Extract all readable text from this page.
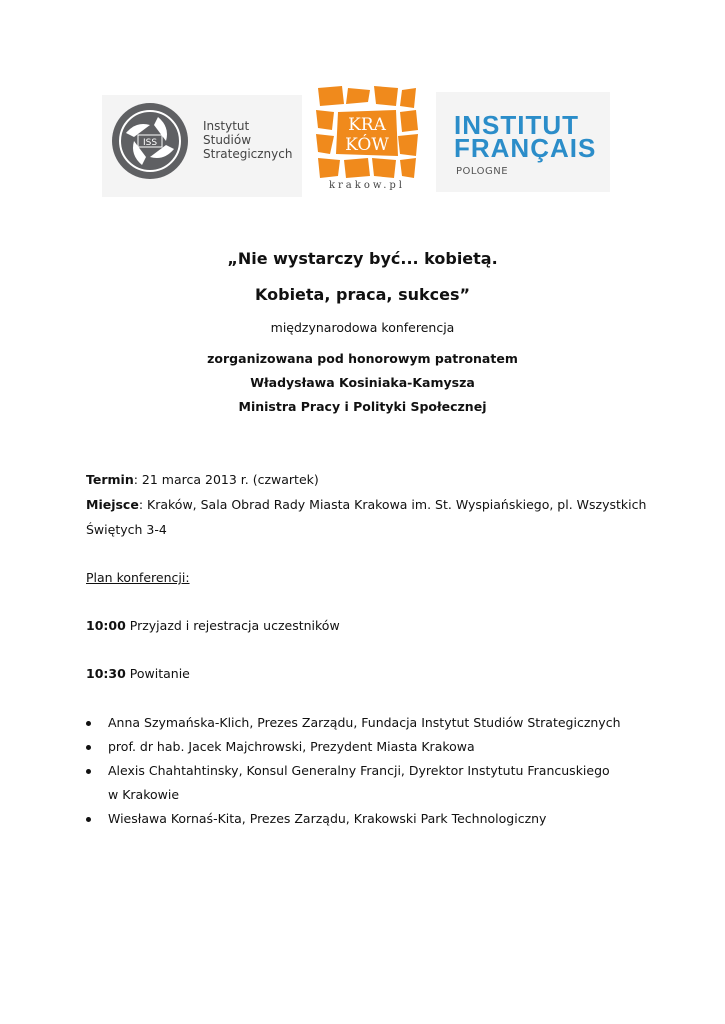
ISS
Instytut
Studiów
Strategicznych
KRA
KÓW
krakow.pl
INSTITUT
FRANÇAIS
POLOGNE
„Nie wystarczy być... kobietą.
Kobieta, praca, sukces”
międzynarodowa konferencja
zorganizowana pod honorowym patronatem
Władysława Kosiniaka-Kamysza
Ministra Pracy i Polityki Społecznej
Termin: 21 marca 2013 r. (czwartek)
Miejsce: Kraków, Sala Obrad Rady Miasta Krakowa im. St. Wyspiańskiego, pl. Wszystkich
Świętych 3-4
Plan konferencji:
10:00 Przyjazd i rejestracja uczestników
10:30 Powitanie
Anna Szymańska-Klich, Prezes Zarządu, Fundacja Instytut Studiów Strategicznych
prof. dr hab. Jacek Majchrowski, Prezydent Miasta Krakowa
Alexis Chahtahtinsky, Konsul Generalny Francji, Dyrektor Instytutu Francuskiego
w Krakowie
Wiesława Kornaś-Kita, Prezes Zarządu, Krakowski Park Technologiczny
